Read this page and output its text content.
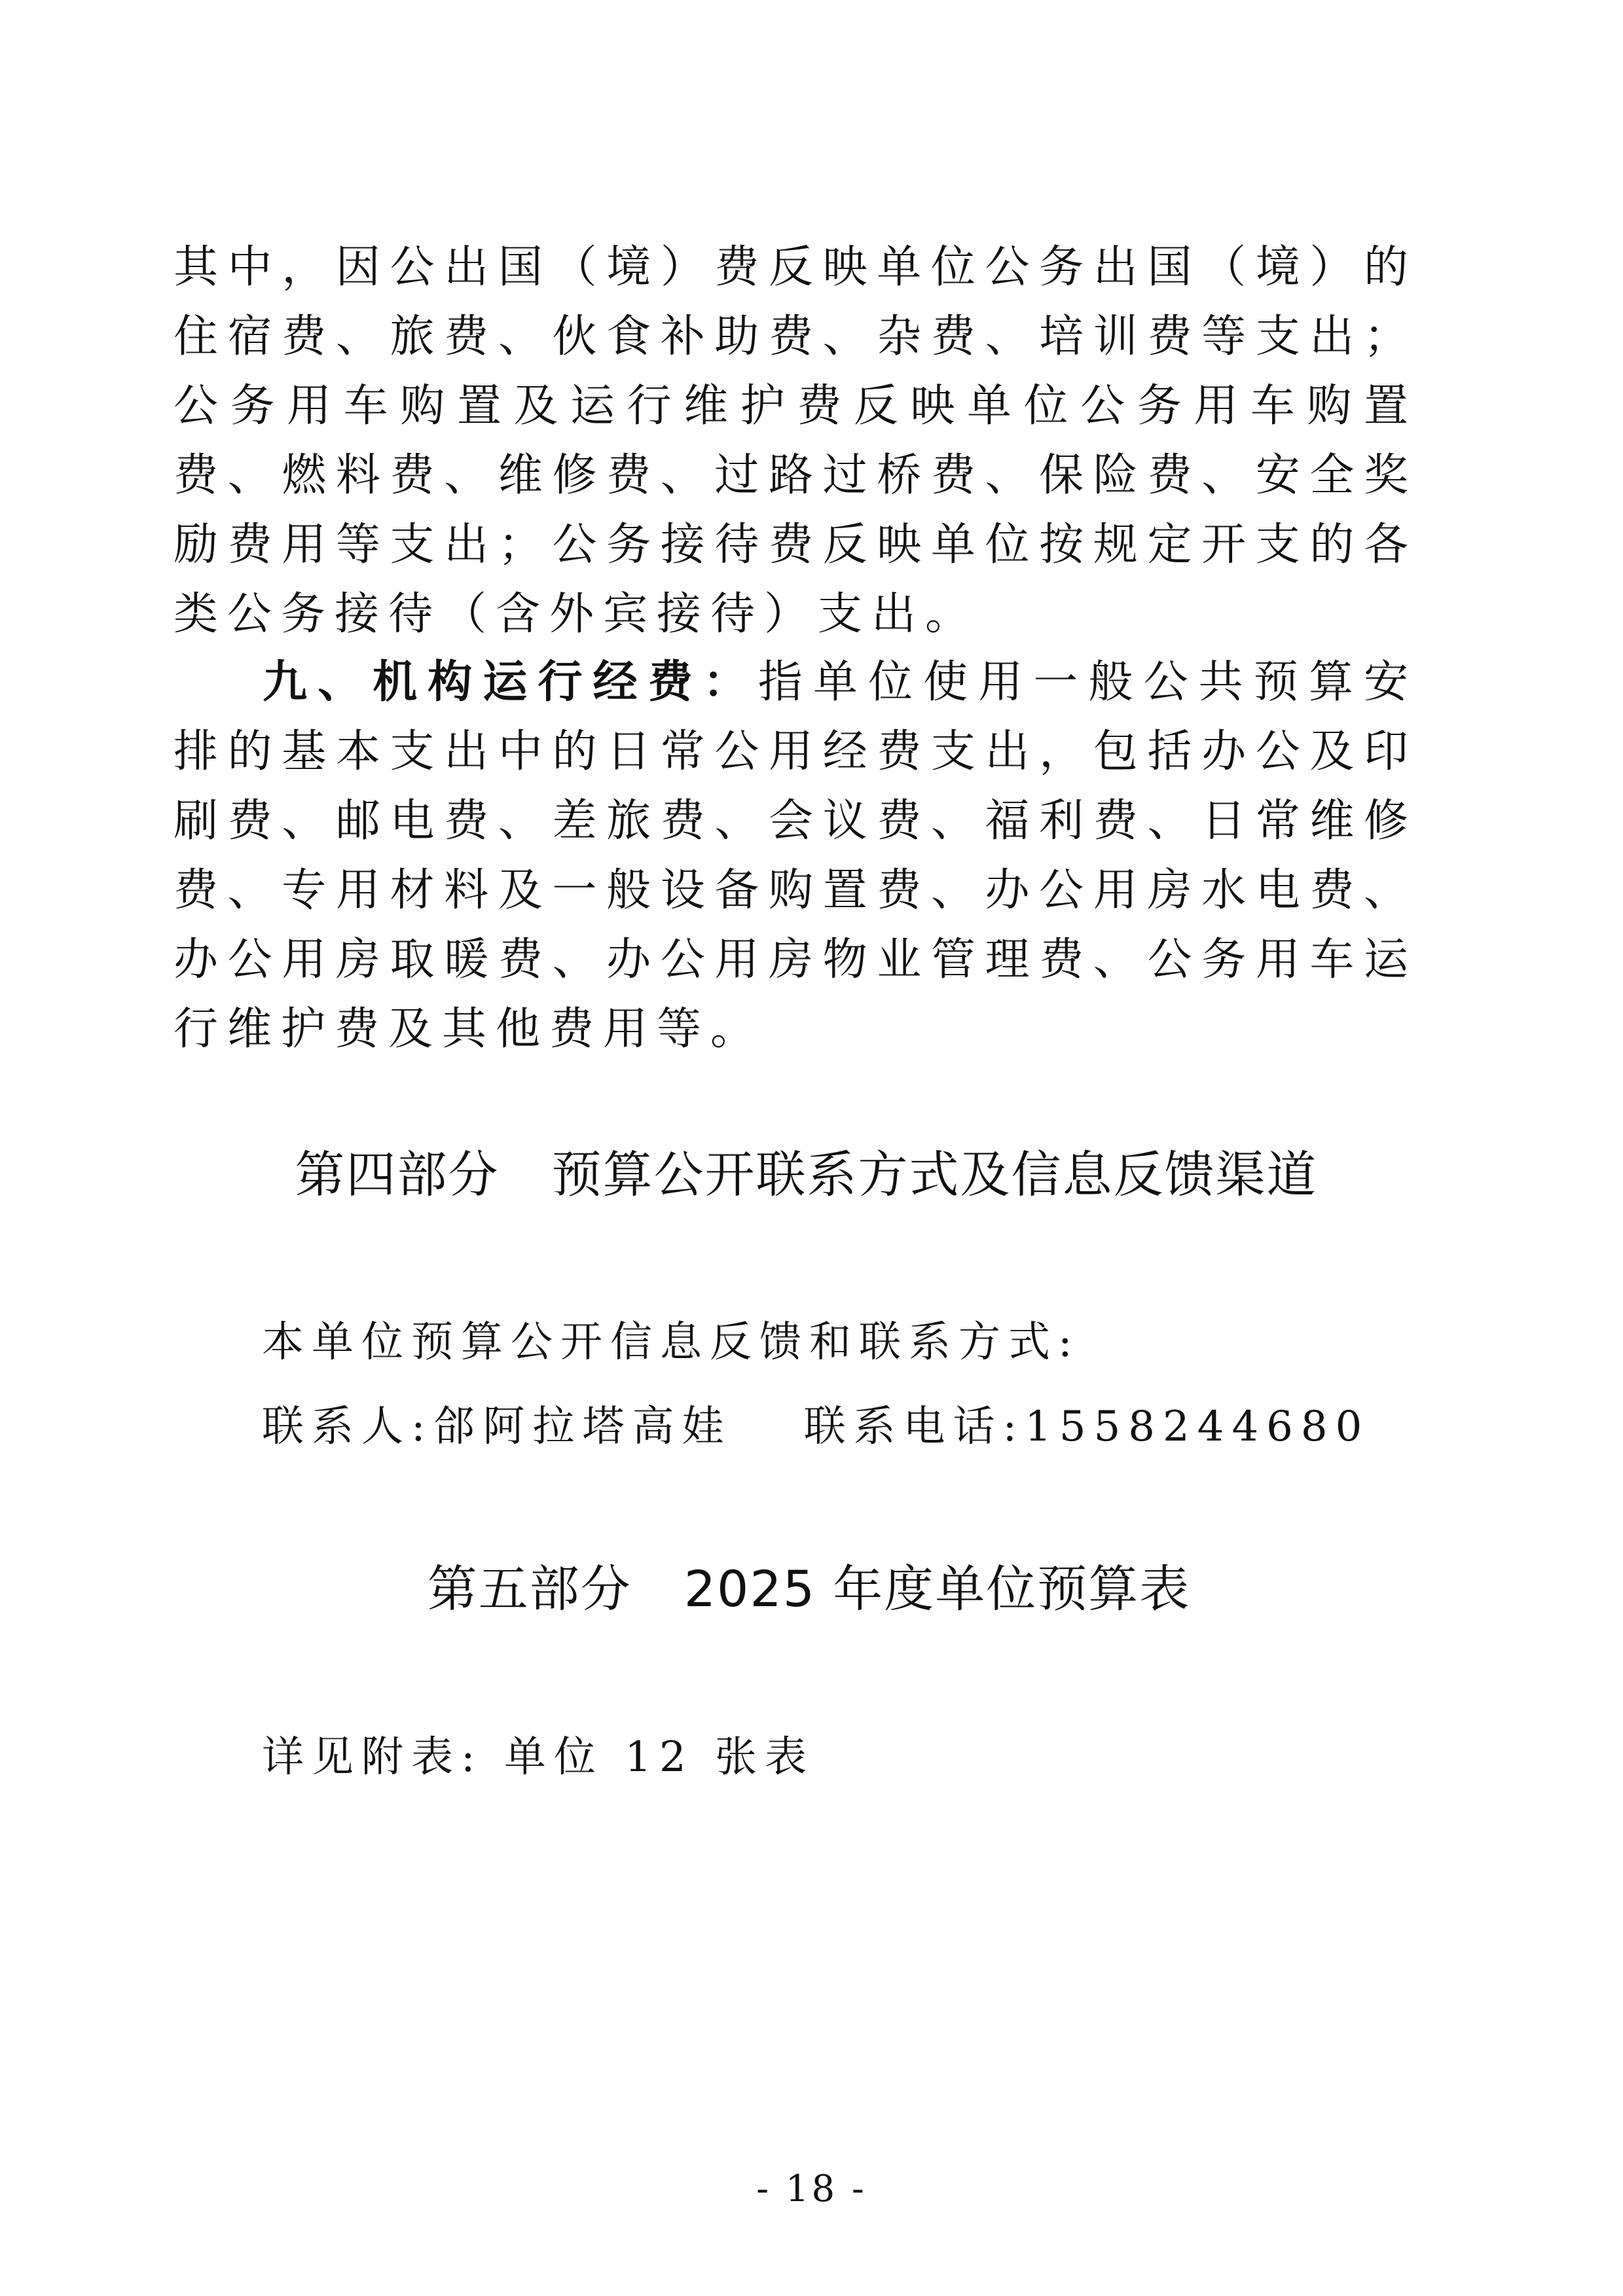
其中，因公出国（境）费反映单位公务出国（境）的住宿费、旅费、伙食补助费、杂费、培训费等支出；公务用车购置及运行维护费反映单位公务用车购置费、燃料费、维修费、过路过桥费、保险费、安全奖励费用等支出；公务接待费反映单位按规定开支的各类公务接待（含外宾接待）支出。

九、机构运行经费：指单位使用一般公共预算安排的基本支出中的日常公用经费支出，包括办公及印刷费、邮电费、差旅费、会议费、福利费、日常维修费、专用材料及一般设备购置费、办公用房水电费、办公用房取暖费、办公用房物业管理费、公务用车运行维护费及其他费用等。

第四部分 预算公开联系方式及信息反馈渠道

本单位预算公开信息反馈和联系方式:

联系人:郃阿拉塔高娃 联系电话:1558244680

第五部分 2025 年度单位预算表

详见附表: 单位 12 张表

- 18 -
